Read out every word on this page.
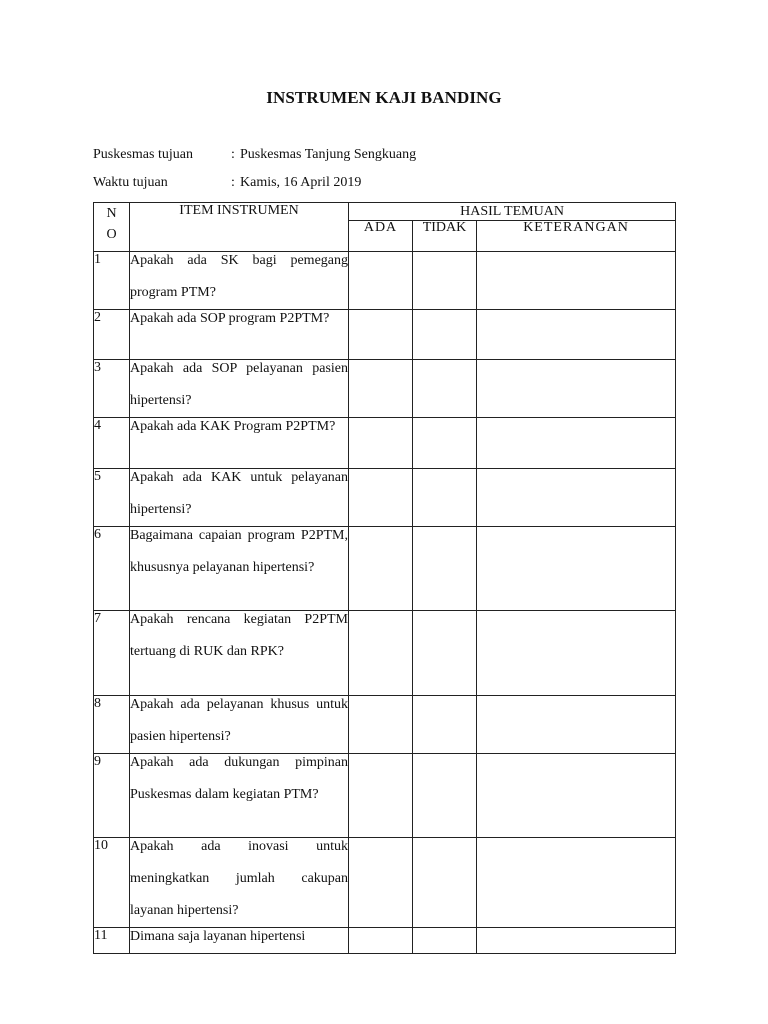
INSTRUMEN KAJI BANDING
Puskesmas tujuan	: Puskesmas Tanjung Sengkuang
Waktu tujuan	: Kamis, 16 April 2019
N
O	ITEM INSTRUMEN	HASIL TEMUAN		
		ADA	TIDAK	KETERANGAN
1	Apakah ada SK bagi pemegang program PTM?			

2	Apakah ada SOP program P2PTM?			

3	Apakah ada SOP pelayanan pasien hipertensi?			

4	Apakah ada KAK Program P2PTM?			

5	Apakah ada KAK untuk pelayanan hipertensi?			

6	Bagaimana capaian program P2PTM, khususnya pelayanan hipertensi?			

7	Apakah rencana kegiatan P2PTM tertuang di RUK dan RPK?			

8	Apakah ada pelayanan khusus untuk pasien hipertensi?			

9	Apakah ada dukungan pimpinan Puskesmas dalam kegiatan PTM?			

10	Apakah ada inovasi untuk meningkatkan jumlah cakupan layanan hipertensi?			

11	Dimana saja layanan hipertensi			
